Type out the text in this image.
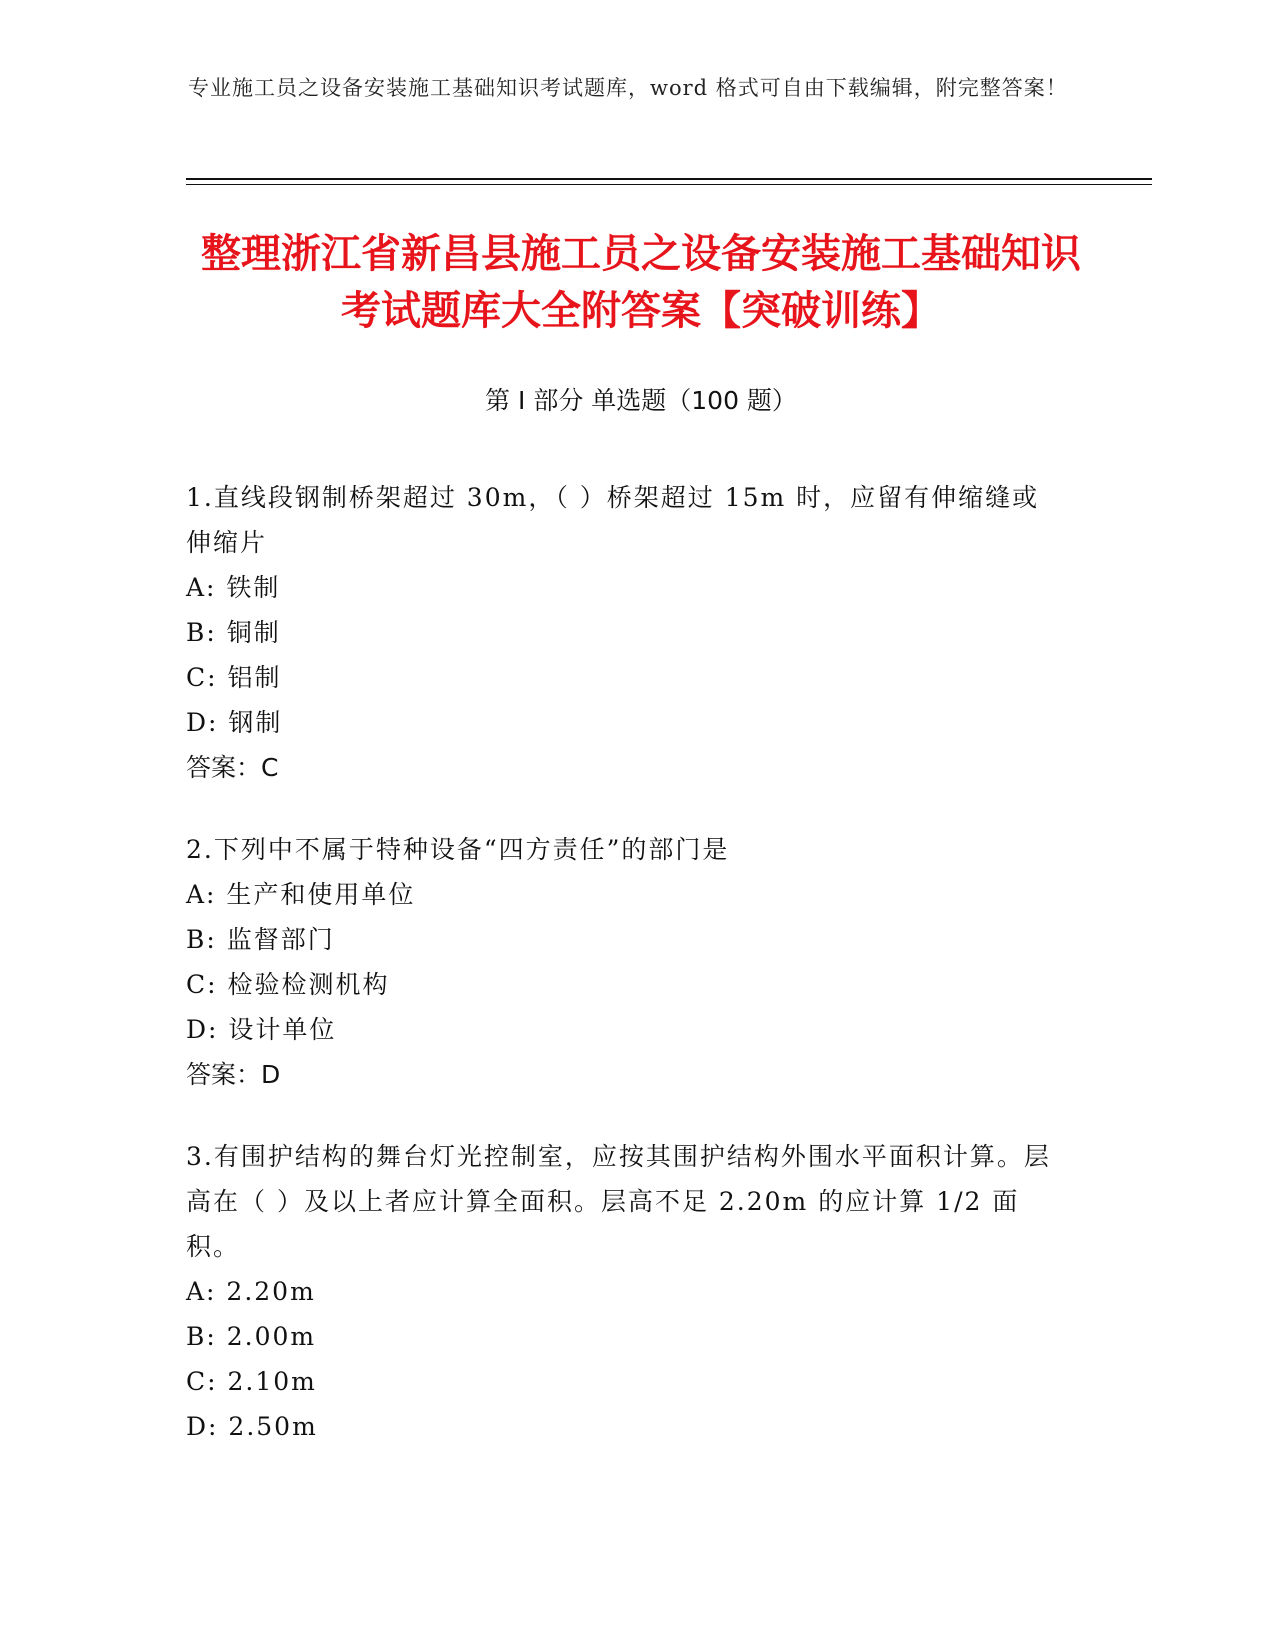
专业施工员之设备安装施工基础知识考试题库，word 格式可自由下载编辑，附完整答案！
整理浙江省新昌县施工员之设备安装施工基础知识考试题库大全附答案【突破训练】
第 I 部分 单选题（100 题）

1.直线段钢制桥架超过 30m，（ ）桥架超过 15m 时，应留有伸缩缝或伸缩片

A: 铁制

B: 铜制

C: 铝制

D: 钢制

答案：C

2.下列中不属于特种设备“四方责任”的部门是

A: 生产和使用单位

B: 监督部门

C: 检验检测机构

D: 设计单位

答案：D

3.有围护结构的舞台灯光控制室，应按其围护结构外围水平面积计算。层高在（ ）及以上者应计算全面积。层高不足 2.20m 的应计算 1/2 面积。

A: 2.20m

B: 2.00m

C: 2.10m

D: 2.50m
